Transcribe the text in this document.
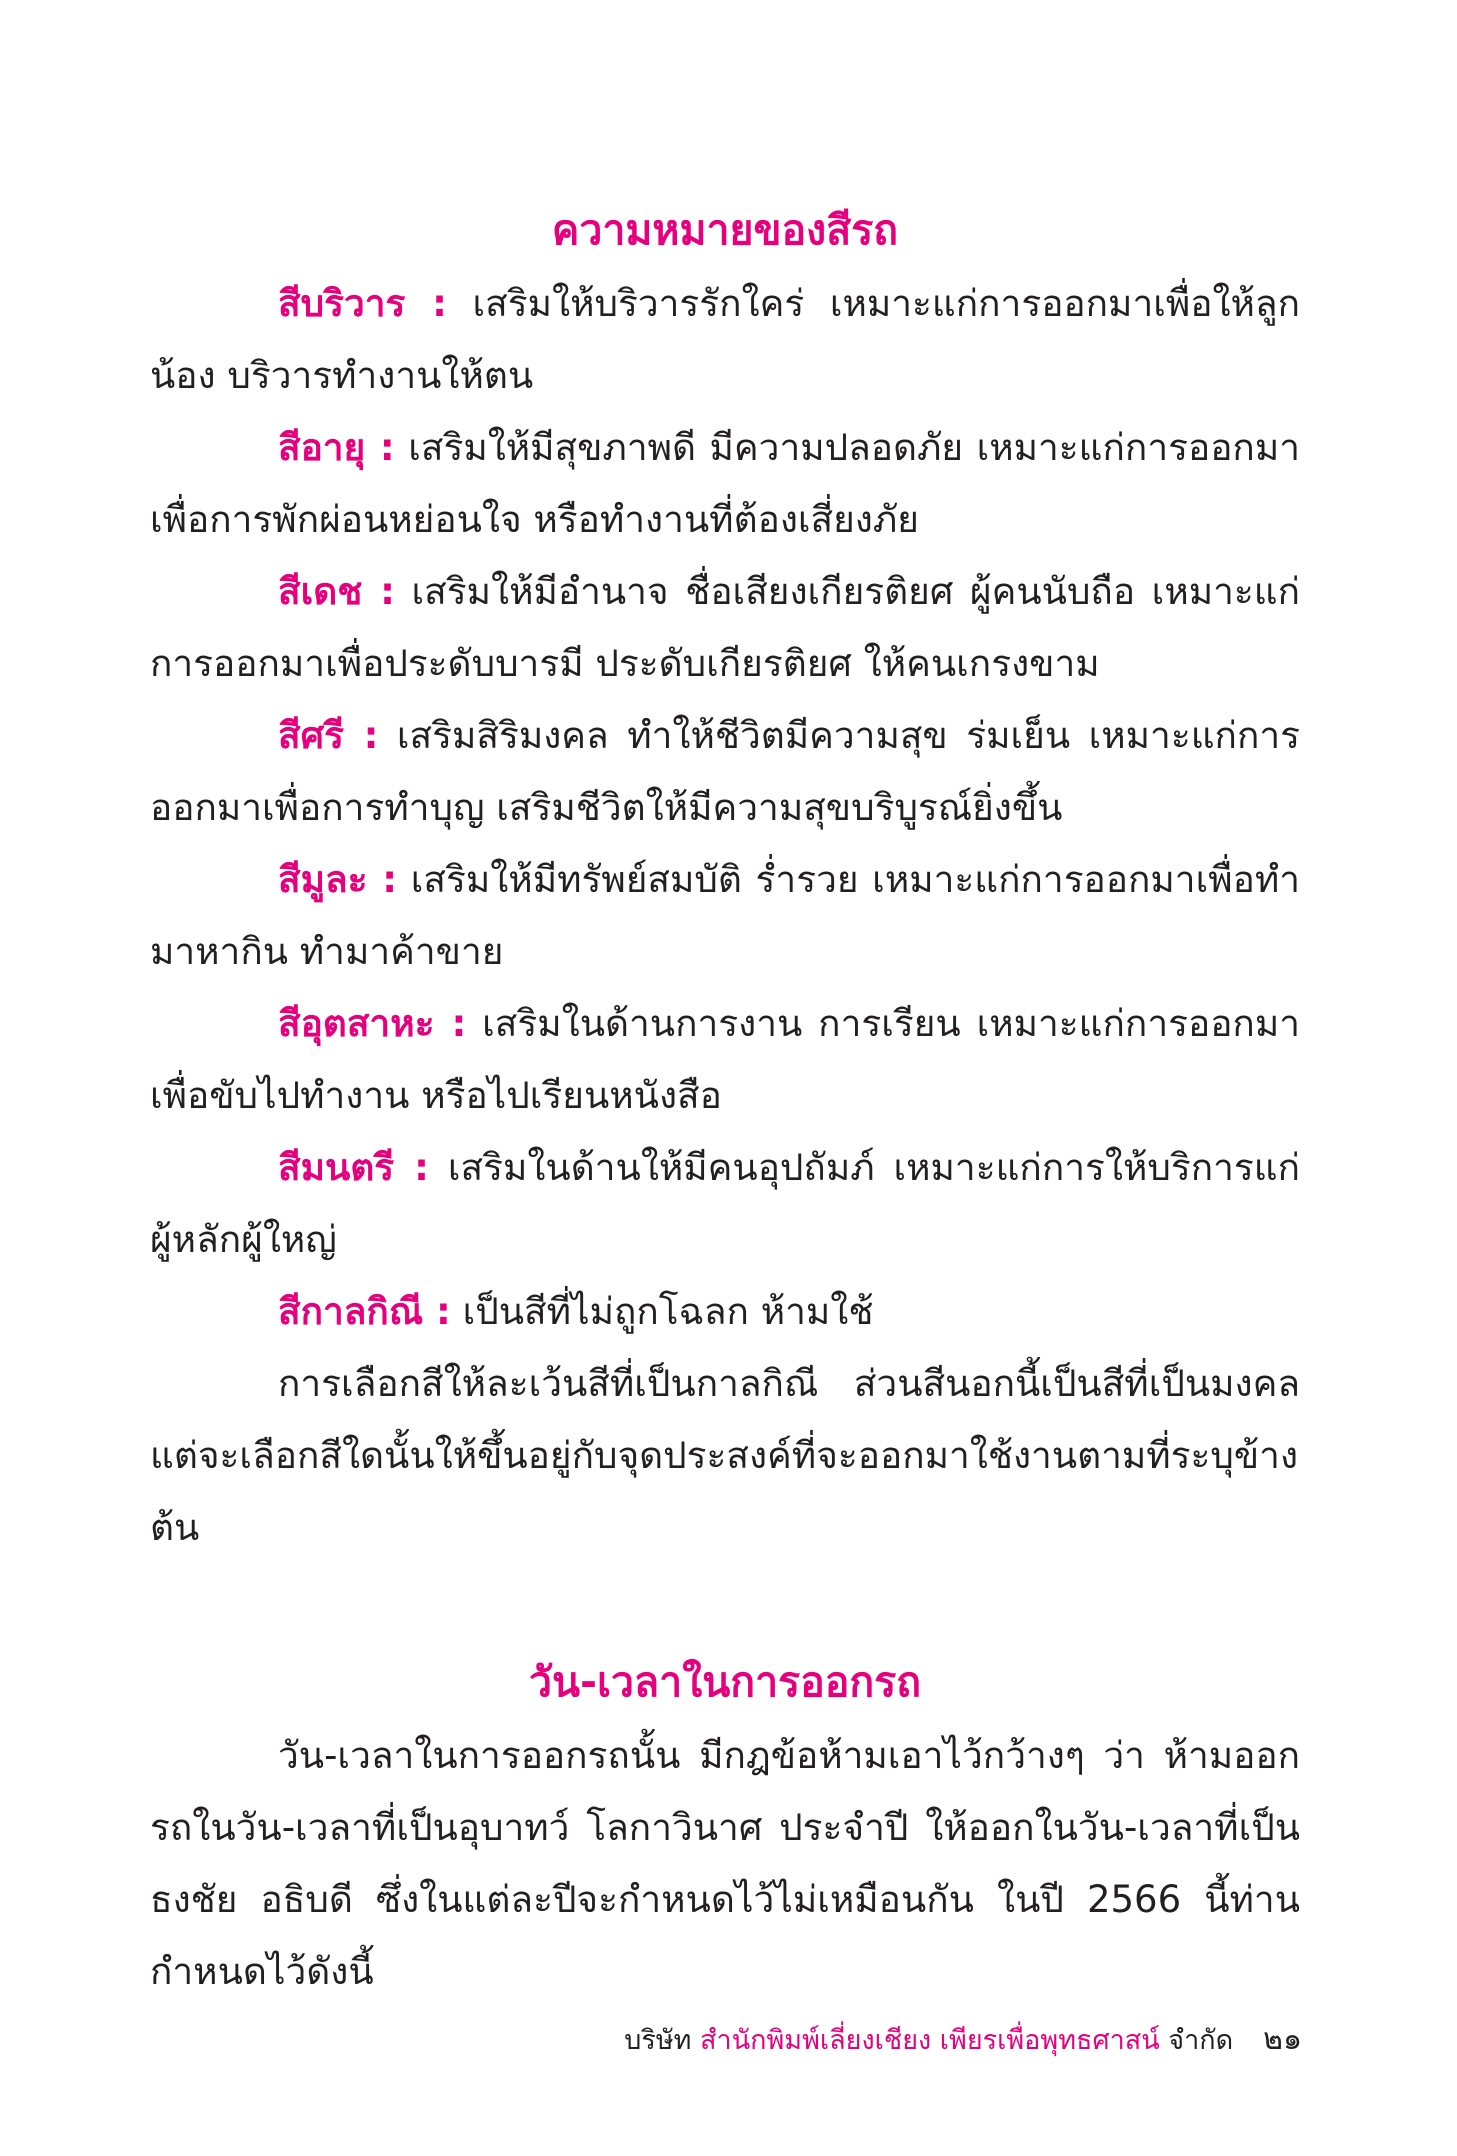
ความหมายของสีรถ

สีบริวาร : เสริมให้บริวารรักใคร่ เหมาะแก่การออกมาเพื่อให้ลูกน้อง บริวารทำงานให้ตน

สีอายุ : เสริมให้มีสุขภาพดี มีความปลอดภัย เหมาะแก่การออกมาเพื่อการพักผ่อนหย่อนใจ หรือทำงานที่ต้องเสี่ยงภัย

สีเดช : เสริมให้มีอำนาจ ชื่อเสียงเกียรติยศ ผู้คนนับถือ เหมาะแก่การออกมาเพื่อประดับบารมี ประดับเกียรติยศ ให้คนเกรงขาม

สีศรี : เสริมสิริมงคล ทำให้ชีวิตมีความสุข ร่มเย็น เหมาะแก่การออกมาเพื่อการทำบุญ เสริมชีวิตให้มีความสุขบริบูรณ์ยิ่งขึ้น

สีมูละ : เสริมให้มีทรัพย์สมบัติ ร่ำรวย เหมาะแก่การออกมาเพื่อทำมาหากิน ทำมาค้าขาย

สีอุตสาหะ : เสริมในด้านการงาน การเรียน เหมาะแก่การออกมาเพื่อขับไปทำงาน หรือไปเรียนหนังสือ

สีมนตรี : เสริมในด้านให้มีคนอุปถัมภ์ เหมาะแก่การให้บริการแก่ผู้หลักผู้ใหญ่

สีกาลกิณี : เป็นสีที่ไม่ถูกโฉลก ห้ามใช้

การเลือกสีให้ละเว้นสีที่เป็นกาลกิณี ส่วนสีนอกนี้เป็นสีที่เป็นมงคล แต่จะเลือกสีใดนั้นให้ขึ้นอยู่กับจุดประสงค์ที่จะออกมาใช้งานตามที่ระบุข้างต้น

วัน-เวลาในการออกรถ

วัน-เวลาในการออกรถนั้น มีกฎข้อห้ามเอาไว้กว้างๆ ว่า ห้ามออกรถในวัน-เวลาที่เป็นอุบาทว์ โลกาวินาศ ประจำปี ให้ออกในวัน-เวลาที่เป็นธงชัย อธิบดี ซึ่งในแต่ละปีจะกำหนดไว้ไม่เหมือนกัน ในปี 2566 นี้ท่านกำหนดไว้ดังนี้

บริษัท สำนักพิมพ์เลี่ยงเชียง เพียรเพื่อพุทธศาสน์ จำกัด ๒๑
